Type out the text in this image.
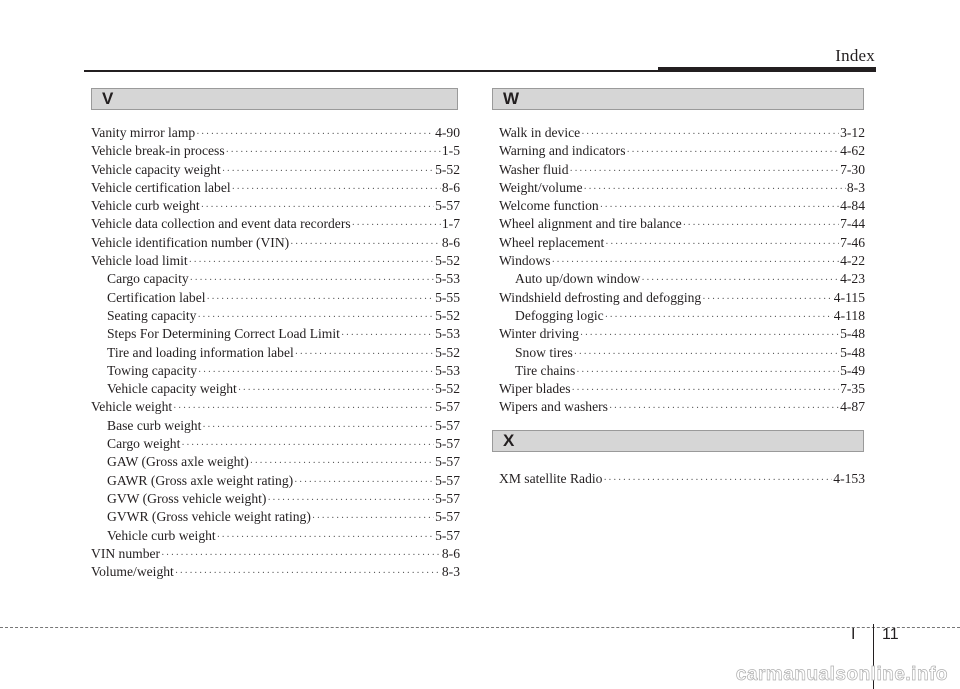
Index
V
Vanity mirror lamp ·····	4-90
Vehicle break-in process ·····	1-5
Vehicle capacity weight ·····	5-52
Vehicle certification label ·····	8-6
Vehicle curb weight ·····	5-57
Vehicle data collection and event data recorders ·····	1-7
Vehicle identification number (VIN) ·····	8-6
Vehicle load limit ·····	5-52
Cargo capacity ·····	5-53
Certification label ·····	5-55
Seating capacity ·····	5-52
Steps For Determining Correct Load Limit ·····	5-53
Tire and loading information label ·····	5-52
Towing capacity ·····	5-53
Vehicle capacity weight ·····	5-52
Vehicle weight ·····	5-57
Base curb weight ·····	5-57
Cargo weight ·····	5-57
GAW (Gross axle weight) ·····	5-57
GAWR (Gross axle weight rating) ·····	5-57
GVW (Gross vehicle weight) ·····	5-57
GVWR (Gross vehicle weight rating) ·····	5-57
Vehicle curb weight ·····	5-57
VIN number ·····	8-6
Volume/weight ·····	8-3
W
Walk in device ·····	3-12
Warning and indicators ·····	4-62
Washer fluid ·····	7-30
Weight/volume ·····	8-3
Welcome function ·····	4-84
Wheel alignment and tire balance ·····	7-44
Wheel replacement ·····	7-46
Windows ·····	4-22
Auto up/down window ·····	4-23
Windshield defrosting and defogging ·····	4-115
Defogging logic ·····	4-118
Winter driving ·····	5-48
Snow tires ·····	5-48
Tire chains ·····	5-49
Wiper blades ·····	7-35
Wipers and washers ·····	4-87
X
XM satellite Radio ·····	4-153
I 11
carmanualsonline.info
